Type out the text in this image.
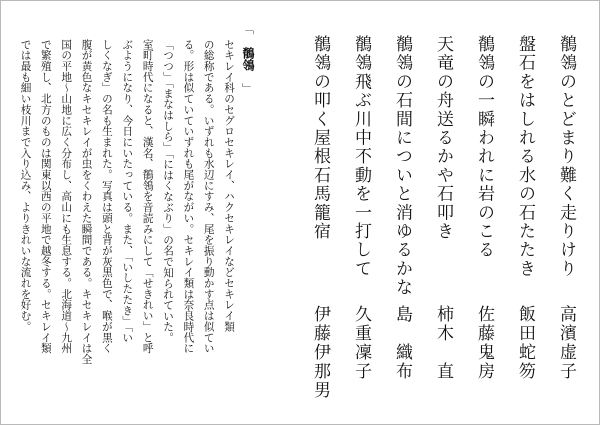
鶺鴒のとどまり難く走りけり
高濱虚子
盤石をはしれる水の石たたき
飯田蛇笏
鶺鴒の一瞬われに岩のこる
佐藤鬼房
天竜の舟送るかや石叩き
柿木　直
鶺鴒の石間についと消ゆるかな
島　織布
鶺鴒飛ぶ川中不動を一打して
久重凜子
鶺鴒の叩く屋根石馬籠宿
伊藤伊那男
「鶺鴒」
セキレイ科のセグロセキレイ、ハクセキレイなどセキレイ類
の総称である。いずれも水辺にすみ、尾を振り動かす点は似てい
る。形は似ていていずれも尾がながい。セキレイ類は奈良時代に
「つつ」「まなはしら」「にはくなぶり」の名で知られていた。
室町時代になると、漢名、鶺鴒を音読みにして「せきれい」と呼
ぶようになり、今日にいたっている。また、「いしたたき」「い
しくなぎ」の名も生まれた。写真は頭と背が灰黒色で、喉が黒く
腹が黄色なキセキレイが虫をくわえた瞬間である。キセキレイは全
国の平地〜山地に広く分布し、高山にも生息する。北海道〜九州
で繁殖し、北方のものは関東以西の平地で越冬する。セキレイ類
では最も細い枝川まで入り込み、よりきれいな流れを好む。
